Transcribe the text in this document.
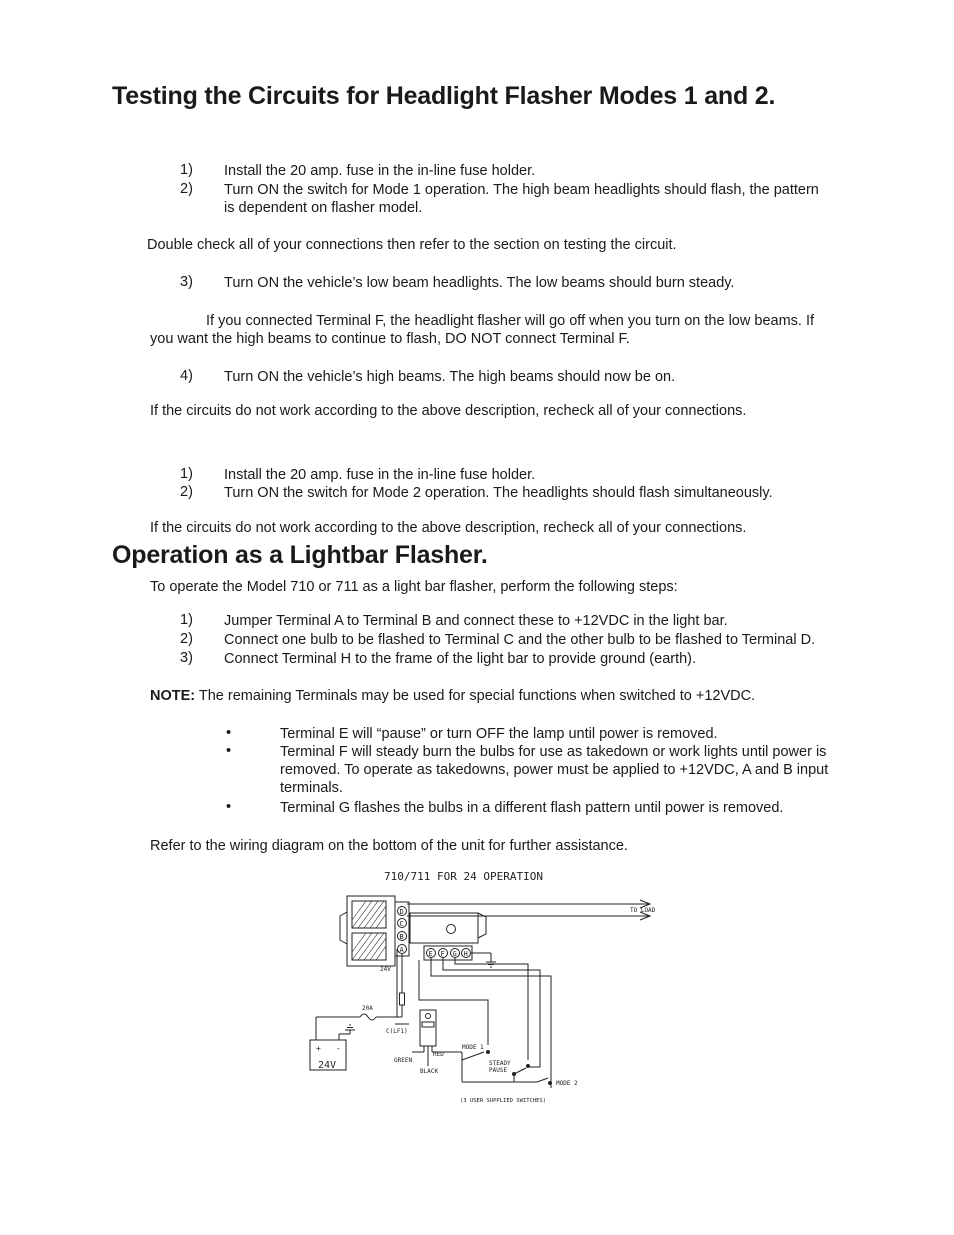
Testing the Circuits for Headlight Flasher Modes 1 and 2.
1) Install the 20 amp. fuse in the in-line fuse holder.
2) Turn ON the switch for Mode 1 operation. The high beam headlights should flash, the pattern is dependent on flasher model.
Double check all of your connections then refer to the section on testing the circuit.
3) Turn ON the vehicle’s low beam headlights. The low beams should burn steady.
If you connected Terminal F, the headlight flasher will go off when you turn on the low beams. If
you want the high beams to continue to flash, DO NOT connect Terminal F.
4) Turn ON the vehicle’s high beams. The high beams should now be on.
If the circuits do not work according to the above description, recheck all of your connections.
1) Install the 20 amp. fuse in the in-line fuse holder.
2) Turn ON the switch for Mode 2 operation. The headlights should flash simultaneously.
If the circuits do not work according to the above description, recheck all of your connections.
Operation as a Lightbar Flasher.
To operate the Model 710 or 711 as a light bar flasher, perform the following steps:
1) Jumper Terminal A to Terminal B and connect these to +12VDC in the light bar.
2) Connect one bulb to be flashed to Terminal C and the other bulb to be flashed to Terminal D.
3) Connect Terminal H to the frame of the light bar to provide ground (earth).
NOTE: The remaining Terminals may be used for special functions when switched to +12VDC.
•	Terminal E will “pause” or turn OFF the lamp until power is removed.
•	Terminal F will steady burn the bulbs for use as takedown or work lights until power is removed. To operate as takedowns, power must be applied to +12VDC, A and B input terminals.
•	Terminal G flashes the bulbs in a different flash pattern until power is removed.
Refer to the wiring diagram on the bottom of the unit for further assistance.
710/711 FOR 24 OPERATION
D
C
B
A	E F G H
TO LOAD
24V
C(LF1)
20A
+ -
24V	GREEN
RED
BLACK
MODE 1
STEADY
PAUSE
MODE 2
(3 USER SUPPLIED SWITCHES)
